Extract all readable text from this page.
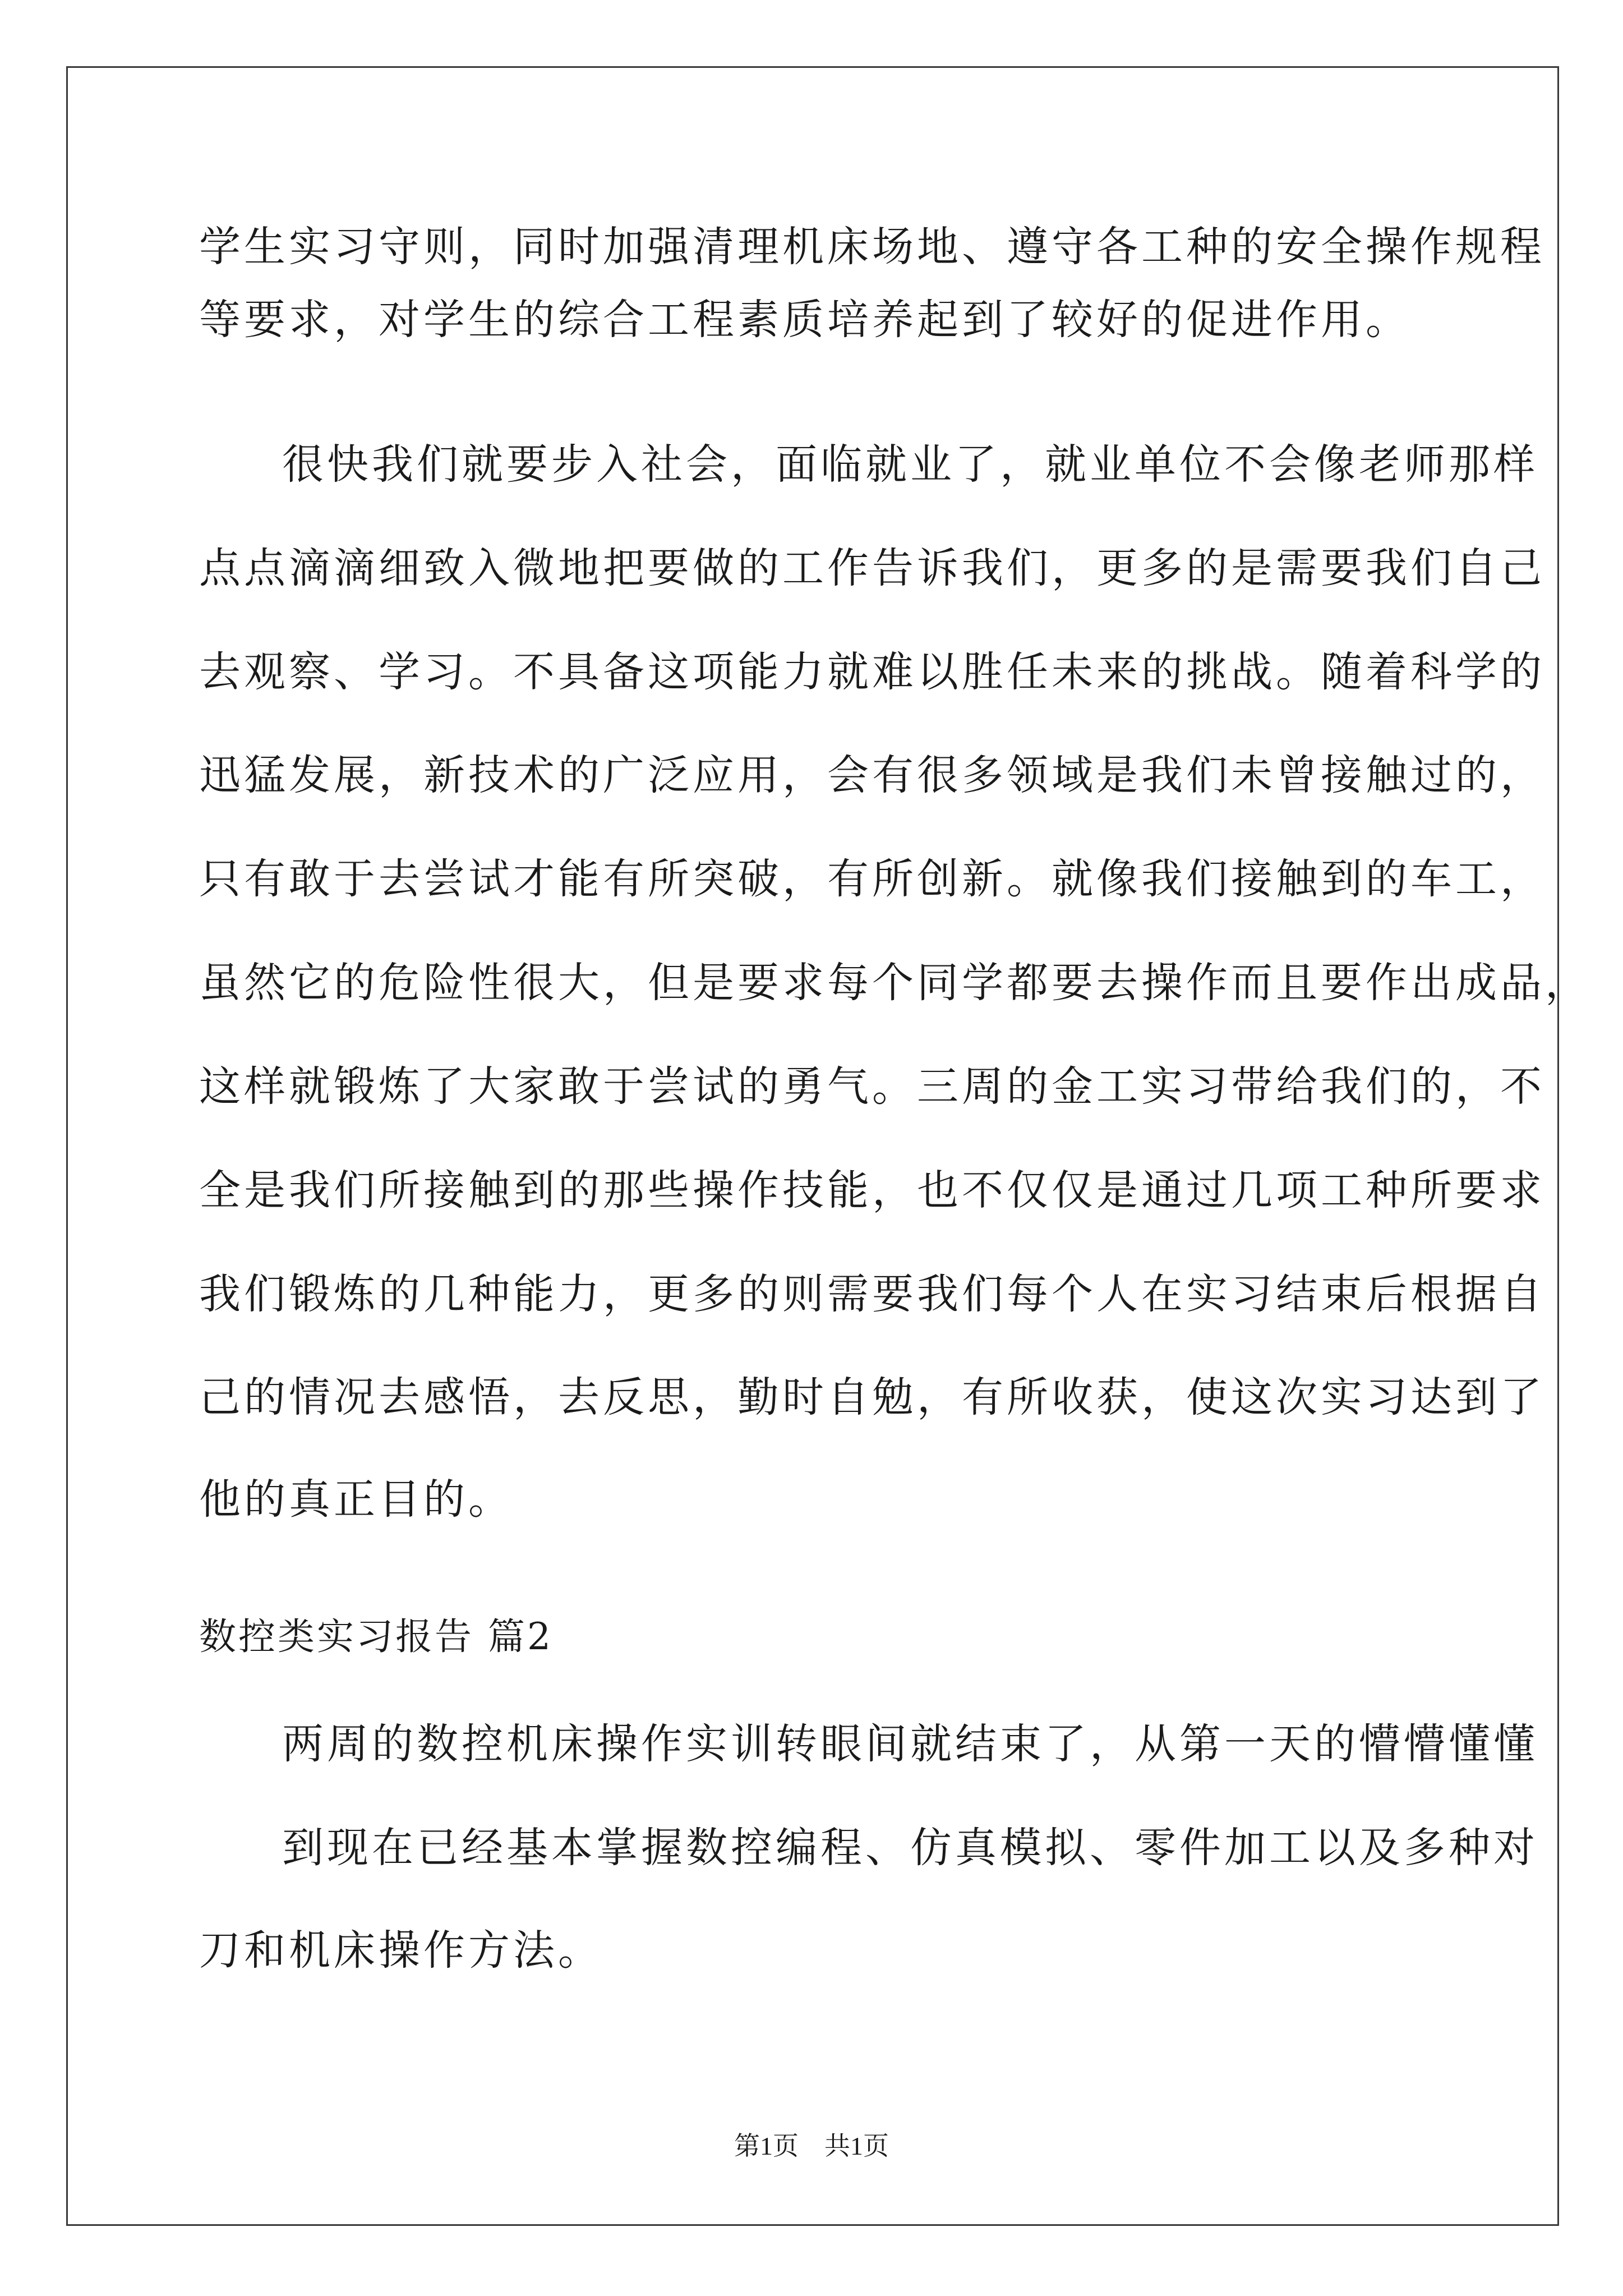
学生实习守则，同时加强清理机床场地、遵守各工种的安全操作规程
等要求，对学生的综合工程素质培养起到了较好的促进作用。
很快我们就要步入社会，面临就业了，就业单位不会像老师那样
点点滴滴细致入微地把要做的工作告诉我们，更多的是需要我们自己
去观察、学习。不具备这项能力就难以胜任未来的挑战。随着科学的
迅猛发展，新技术的广泛应用，会有很多领域是我们未曾接触过的，
只有敢于去尝试才能有所突破，有所创新。就像我们接触到的车工，
虽然它的危险性很大，但是要求每个同学都要去操作而且要作出成品，
这样就锻炼了大家敢于尝试的勇气。三周的金工实习带给我们的，不
全是我们所接触到的那些操作技能，也不仅仅是通过几项工种所要求
我们锻炼的几种能力，更多的则需要我们每个人在实习结束后根据自
己的情况去感悟，去反思，勤时自勉，有所收获，使这次实习达到了
他的真正目的。
数控类实习报告 篇2
两周的数控机床操作实训转眼间就结束了，从第一天的懵懵懂懂
到现在已经基本掌握数控编程、仿真模拟、零件加工以及多种对
刀和机床操作方法。
第1页　共1页
